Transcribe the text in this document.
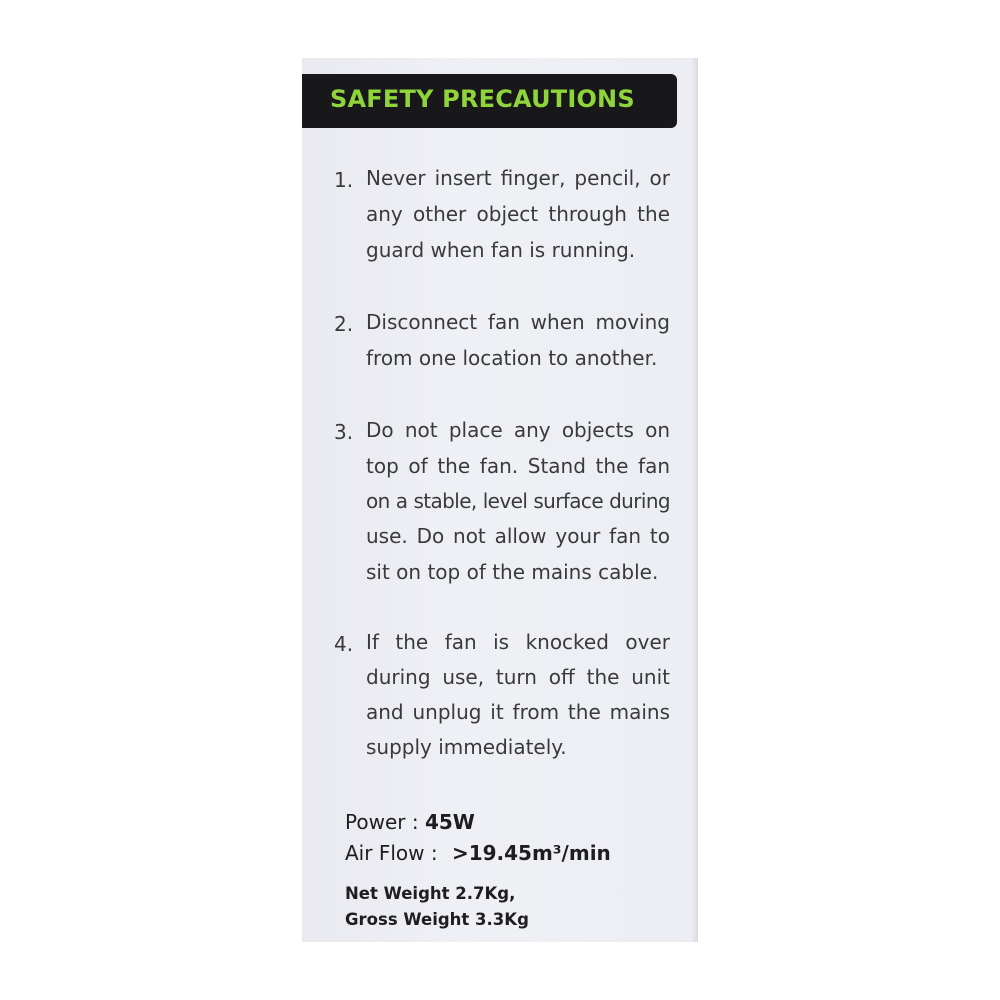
SAFETY PRECAUTIONS
1. Never insert finger, pencil, or
any other object through the
guard when fan is running.
2. Disconnect fan when moving
from one location to another.
3. Do not place any objects on
top of the fan. Stand the fan
on a stable, level surface during
use. Do not allow your fan to
sit on top of the mains cable.
4. If the fan is knocked over
during use, turn off the unit
and unplug it from the mains
supply immediately.
Power : 45W
Air Flow : >19.45m³/min
Net Weight 2.7Kg,
Gross Weight 3.3Kg
